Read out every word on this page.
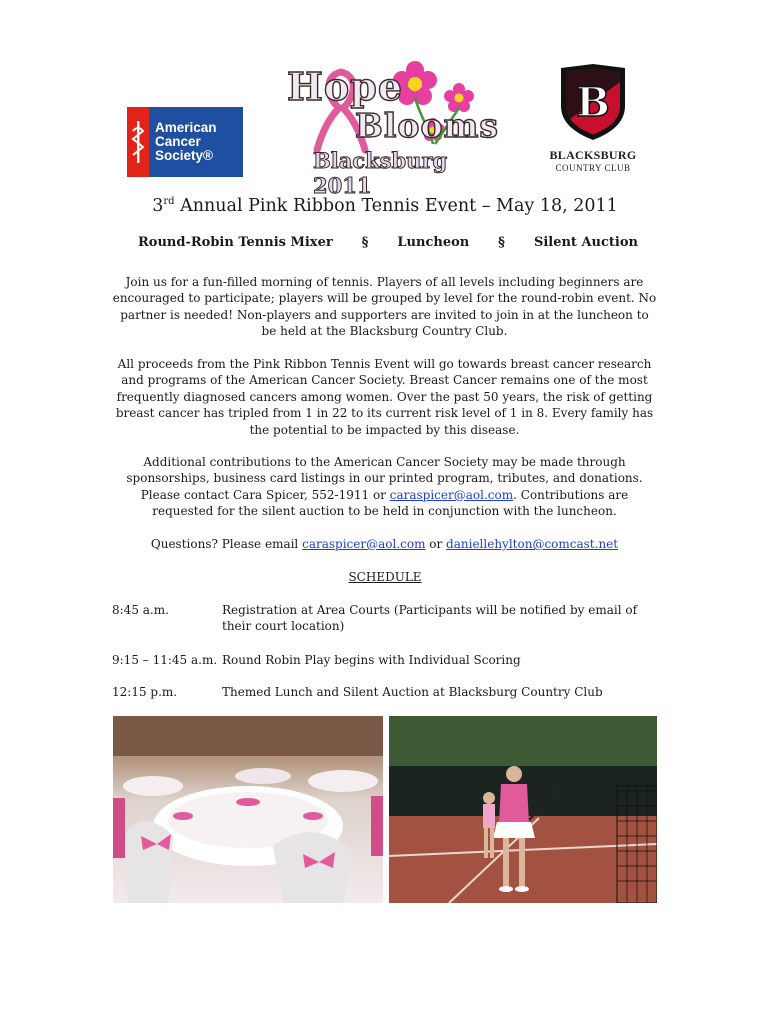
American
Cancer
Society®
Hope
Blooms
Blacksburg 2011
B
BLACKSBURG
COUNTRY CLUB
3rd Annual Pink Ribbon Tennis Event – May 18, 2011
Round-Robin Tennis Mixer § Luncheon § Silent Auction
Join us for a fun-filled morning of tennis. Players of all levels including beginners are encouraged to participate; players will be grouped by level for the round-robin event. No partner is needed! Non-players and supporters are invited to join in at the luncheon to be held at the Blacksburg Country Club.
All proceeds from the Pink Ribbon Tennis Event will go towards breast cancer research and programs of the American Cancer Society. Breast Cancer remains one of the most frequently diagnosed cancers among women. Over the past 50 years, the risk of getting breast cancer has tripled from 1 in 22 to its current risk level of 1 in 8. Every family has the potential to be impacted by this disease.
Additional contributions to the American Cancer Society may be made through sponsorships, business card listings in our printed program, tributes, and donations. Please contact Cara Spicer, 552-1911 or caraspicer@aol.com. Contributions are requested for the silent auction to be held in conjunction with the luncheon.
Questions? Please email caraspicer@aol.com or daniellehylton@comcast.net
SCHEDULE
8:45 a.m.	Registration at Area Courts (Participants will be notified by email of their court location)
9:15 – 11:45 a.m. Round Robin Play begins with Individual Scoring
12:15 p.m.	Themed Lunch and Silent Auction at Blacksburg Country Club
